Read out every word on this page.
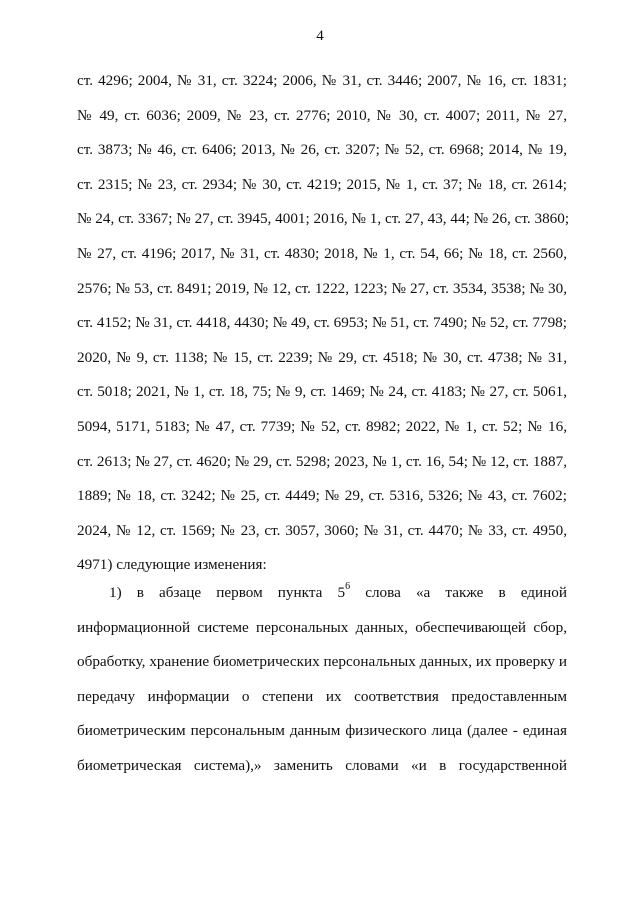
4
ст. 4296; 2004, № 31, ст. 3224; 2006, № 31, ст. 3446; 2007, № 16, ст. 1831;
№ 49, ст. 6036; 2009, № 23, ст. 2776; 2010, № 30, ст. 4007; 2011, № 27,
ст. 3873; № 46, ст. 6406; 2013, № 26, ст. 3207; № 52, ст. 6968; 2014, № 19,
ст. 2315; № 23, ст. 2934; № 30, ст. 4219; 2015, № 1, ст. 37; № 18, ст. 2614;
№ 24, ст. 3367; № 27, ст. 3945, 4001; 2016, № 1, ст. 27, 43, 44; № 26, ст. 3860;
№ 27, ст. 4196; 2017, № 31, ст. 4830; 2018, № 1, ст. 54, 66; № 18, ст. 2560,
2576; № 53, ст. 8491; 2019, № 12, ст. 1222, 1223; № 27, ст. 3534, 3538; № 30,
ст. 4152; № 31, ст. 4418, 4430; № 49, ст. 6953; № 51, ст. 7490; № 52, ст. 7798;
2020, № 9, ст. 1138; № 15, ст. 2239; № 29, ст. 4518; № 30, ст. 4738; № 31,
ст. 5018; 2021, № 1, ст. 18, 75; № 9, ст. 1469; № 24, ст. 4183; № 27, ст. 5061,
5094, 5171, 5183; № 47, ст. 7739; № 52, ст. 8982; 2022, № 1, ст. 52; № 16,
ст. 2613; № 27, ст. 4620; № 29, ст. 5298; 2023, № 1, ст. 16, 54; № 12, ст. 1887,
1889; № 18, ст. 3242; № 25, ст. 4449; № 29, ст. 5316, 5326; № 43, ст. 7602;
2024, № 12, ст. 1569; № 23, ст. 3057, 3060; № 31, ст. 4470; № 33, ст. 4950,
4971) следующие изменения:
1) в абзаце первом пункта $5^6$ слова «а также в единой
информационной системе персональных данных, обеспечивающей сбор,
обработку, хранение биометрических персональных данных, их проверку и
передачу информации о степени их соответствия предоставленным
биометрическим персональным данным физического лица (далее - единая
биометрическая система),» заменить словами «и в государственной
